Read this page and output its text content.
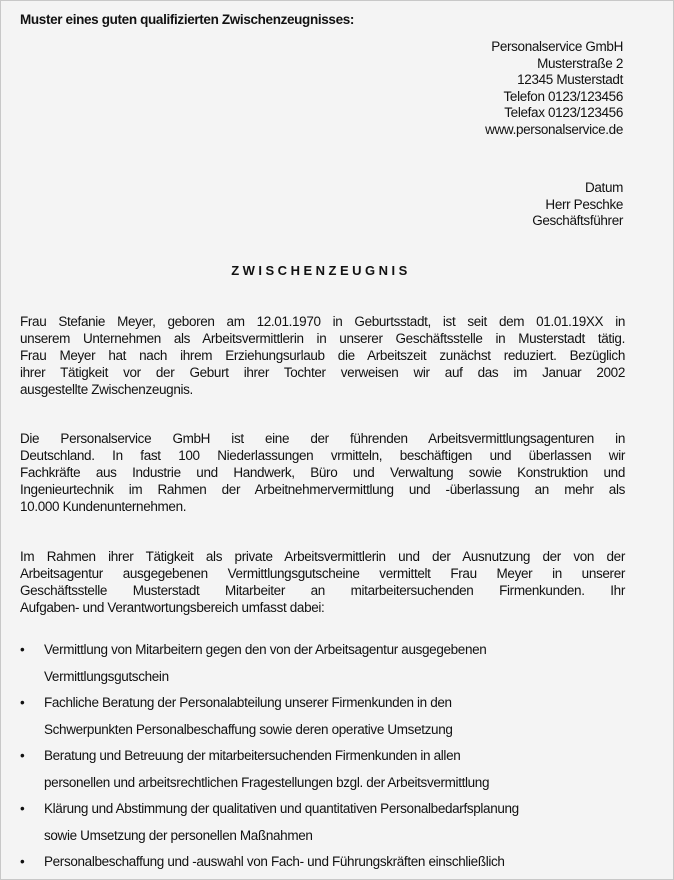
Muster eines guten qualifizierten Zwischenzeugnisses:
Personalservice GmbH
Musterstraße 2
12345 Musterstadt
Telefon 0123/123456
Telefax 0123/123456
www.personalservice.de
Datum
Herr Peschke
Geschäftsführer
ZWISCHENZEUGNIS
Frau Stefanie Meyer, geboren am 12.01.1970 in Geburtsstadt, ist seit dem 01.01.19XX in
unserem Unternehmen als Arbeitsvermittlerin in unserer Geschäftsstelle in Musterstadt tätig.
Frau Meyer hat nach ihrem Erziehungsurlaub die Arbeitszeit zunächst reduziert. Bezüglich
ihrer Tätigkeit vor der Geburt ihrer Tochter verweisen wir auf das im Januar 2002
ausgestellte Zwischenzeugnis.
Die Personalservice GmbH ist eine der führenden Arbeitsvermittlungsagenturen in
Deutschland. In fast 100 Niederlassungen vrmitteln, beschäftigen und überlassen wir
Fachkräfte aus Industrie und Handwerk, Büro und Verwaltung sowie Konstruktion und
Ingenieurtechnik im Rahmen der Arbeitnehmervermittlung und -überlassung an mehr als
10.000 Kundenunternehmen.
Im Rahmen ihrer Tätigkeit als private Arbeitsvermittlerin und der Ausnutzung der von der
Arbeitsagentur ausgegebenen Vermittlungsgutscheine vermittelt Frau Meyer in unserer
Geschäftsstelle Musterstadt Mitarbeiter an mitarbeitersuchenden Firmenkunden. Ihr
Aufgaben- und Verantwortungsbereich umfasst dabei:
• Vermittlung von Mitarbeitern gegen den von der Arbeitsagentur ausgegebenen
Vermittlungsgutschein
• Fachliche Beratung der Personalabteilung unserer Firmenkunden in den
Schwerpunkten Personalbeschaffung sowie deren operative Umsetzung
• Beratung und Betreuung der mitarbeitersuchenden Firmenkunden in allen
personellen und arbeitsrechtlichen Fragestellungen bzgl. der Arbeitsvermittlung
• Klärung und Abstimmung der qualitativen und quantitativen Personalbedarfsplanung
sowie Umsetzung der personellen Maßnahmen
• Personalbeschaffung und -auswahl von Fach- und Führungskräften einschließlich
